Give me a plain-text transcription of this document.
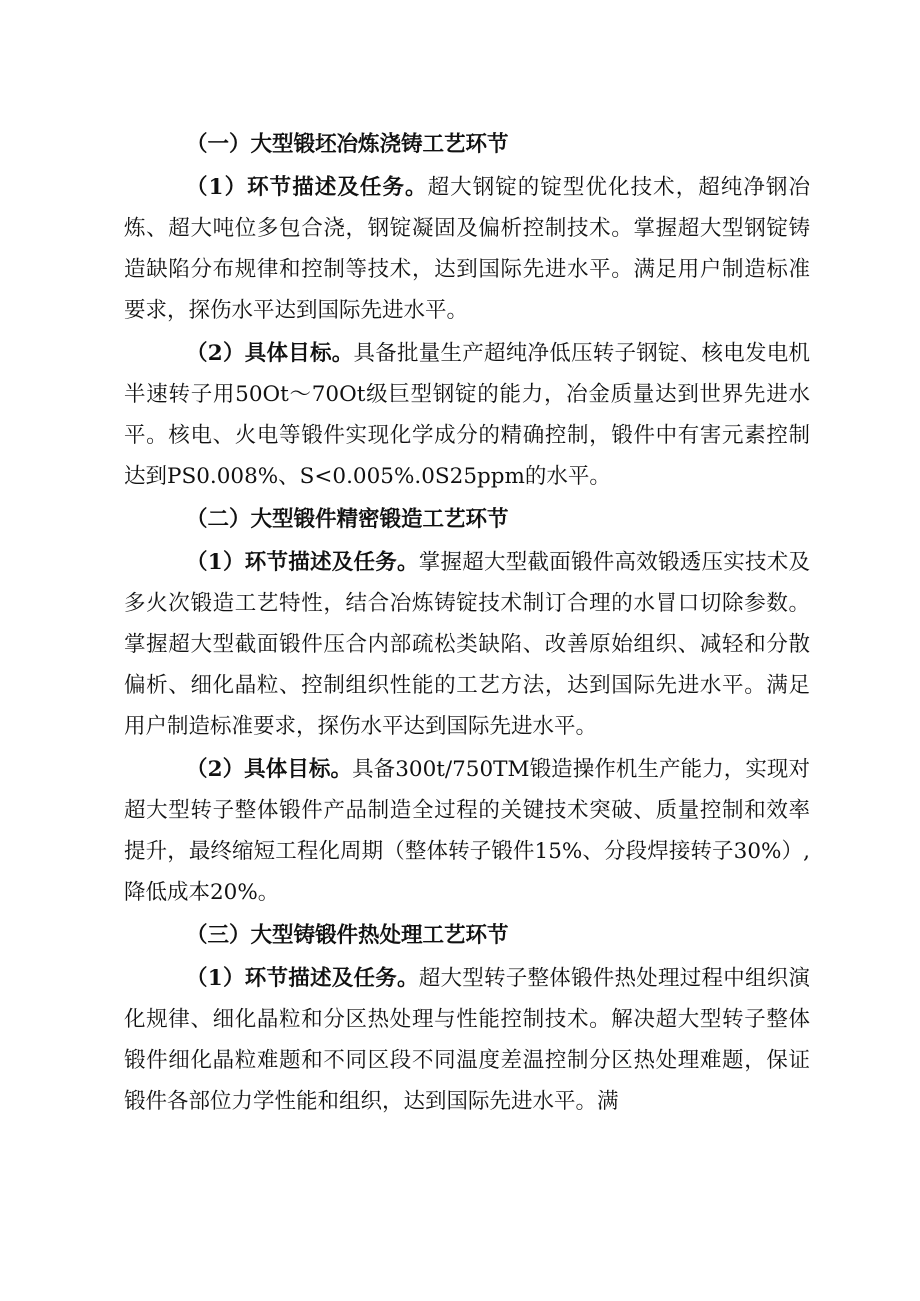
（一）大型锻坯冶炼浇铸工艺环节

（1）环节描述及任务。超大钢锭的锭型优化技术，超纯净钢冶炼、超大吨位多包合浇，钢锭凝固及偏析控制技术。掌握超大型钢锭铸造缺陷分布规律和控制等技术，达到国际先进水平。满足用户制造标准要求，探伤水平达到国际先进水平。

（2）具体目标。具备批量生产超纯净低压转子钢锭、核电发电机半速转子用50Ot～70Ot级巨型钢锭的能力，冶金质量达到世界先进水平。核电、火电等锻件实现化学成分的精确控制，锻件中有害元素控制达到PS0.008%、S<0.005%.0S25ppm的水平。

（二）大型锻件精密锻造工艺环节

（1）环节描述及任务。掌握超大型截面锻件高效锻透压实技术及多火次锻造工艺特性，结合冶炼铸锭技术制订合理的水冒口切除参数。掌握超大型截面锻件压合内部疏松类缺陷、改善原始组织、减轻和分散偏析、细化晶粒、控制组织性能的工艺方法，达到国际先进水平。满足用户制造标准要求，探伤水平达到国际先进水平。

（2）具体目标。具备300t/750TM锻造操作机生产能力，实现对超大型转子整体锻件产品制造全过程的关键技术突破、质量控制和效率提升，最终缩短工程化周期（整体转子锻件15%、分段焊接转子30%）,降低成本20%。

（三）大型铸锻件热处理工艺环节

（1）环节描述及任务。超大型转子整体锻件热处理过程中组织演化规律、细化晶粒和分区热处理与性能控制技术。解决超大型转子整体锻件细化晶粒难题和不同区段不同温度差温控制分区热处理难题，保证锻件各部位力学性能和组织，达到国际先进水平。满
